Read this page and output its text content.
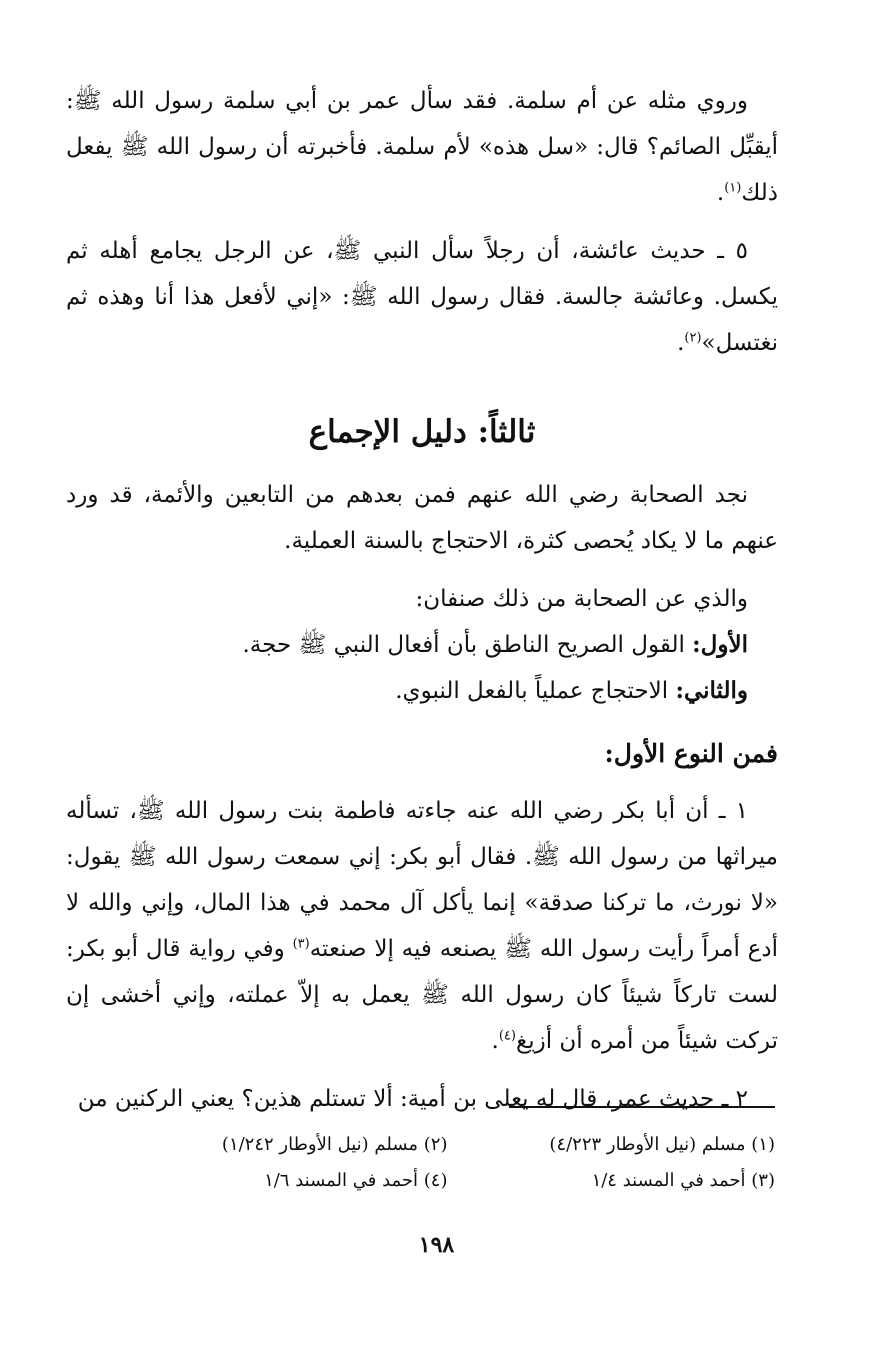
وروي مثله عن أم سلمة. فقد سأل عمر بن أبي سلمة رسول الله ﷺ: أيقبِّل الصائم؟ قال: «سل هذه» لأم سلمة. فأخبرته أن رسول الله ﷺ يفعل ذلك$^{(١)}$.

٥ ـ حديث عائشة، أن رجلاً سأل النبي ﷺ، عن الرجل يجامع أهله ثم يكسل. وعائشة جالسة. فقال رسول الله ﷺ: «إني لأفعل هذا أنا وهذه ثم نغتسل»$^{(٢)}$.

ثالثاً: دليل الإجماع

نجد الصحابة رضي الله عنهم فمن بعدهم من التابعين والأئمة، قد ورد عنهم ما لا يكاد يُحصى كثرة، الاحتجاج بالسنة العملية.

والذي عن الصحابة من ذلك صنفان:

الأول: القول الصريح الناطق بأن أفعال النبي ﷺ حجة.

والثاني: الاحتجاج عملياً بالفعل النبوي.

فمن النوع الأول:

١ ـ أن أبا بكر رضي الله عنه جاءته فاطمة بنت رسول الله ﷺ، تسأله ميراثها من رسول الله ﷺ. فقال أبو بكر: إني سمعت رسول الله ﷺ يقول: «لا نورث، ما تركنا صدقة» إنما يأكل آل محمد في هذا المال، وإني والله لا أدع أمراً رأيت رسول الله ﷺ يصنعه فيه إلا صنعته$^{(٣)}$ وفي رواية قال أبو بكر: لست تاركاً شيئاً كان رسول الله ﷺ يعمل به إلاّ عملته، وإني أخشى إن تركت شيئاً من أمره أن أزيغ$^{(٤)}$.

٢ ـ حديث عمر، قال له يعلى بن أمية: ألا تستلم هذين؟ يعني الركنين من

(١) مسلم (نيل الأوطار ٤/٢٢٣)
(٢) مسلم (نيل الأوطار ١/٢٤٢)
(٣) أحمد في المسند ١/٤
(٤) أحمد في المسند ١/٦
١٩٨
